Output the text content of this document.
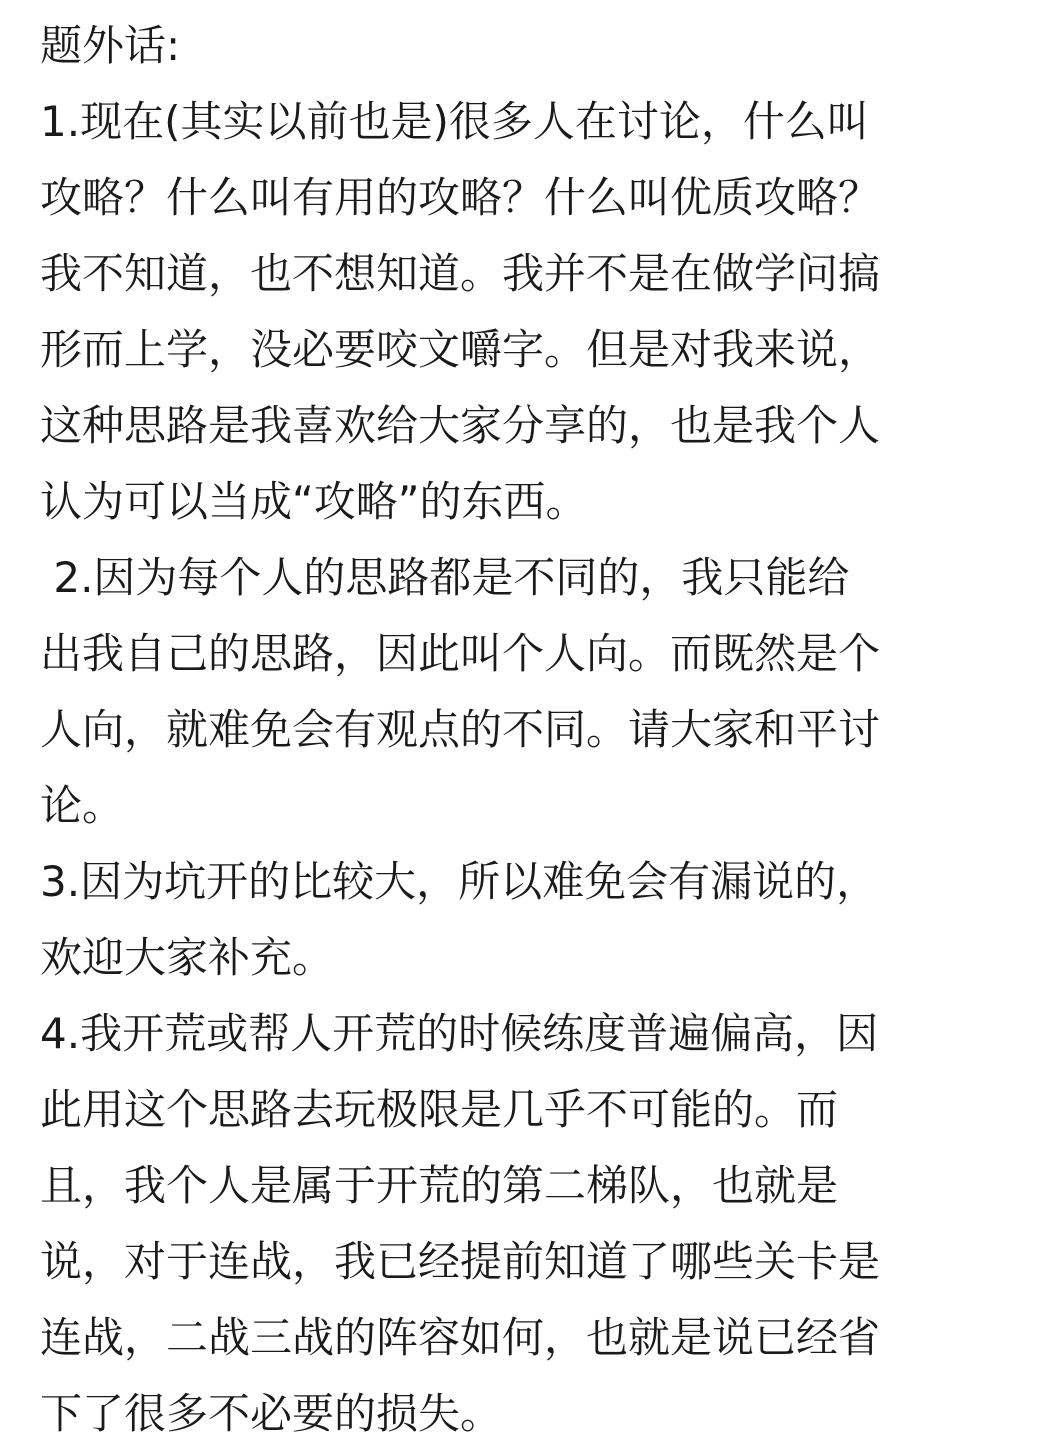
题外话:
1.现在(其实以前也是)很多人在讨论，什么叫
攻略？什么叫有用的攻略？什么叫优质攻略？
我不知道，也不想知道。我并不是在做学问搞
形而上学，没必要咬文嚼字。但是对我来说，
这种思路是我喜欢给大家分享的，也是我个人
认为可以当成“攻略”的东西。
2.因为每个人的思路都是不同的，我只能给
出我自己的思路，因此叫个人向。而既然是个
人向，就难免会有观点的不同。请大家和平讨
论。
3.因为坑开的比较大，所以难免会有漏说的，
欢迎大家补充。
4.我开荒或帮人开荒的时候练度普遍偏高，因
此用这个思路去玩极限是几乎不可能的。而
且，我个人是属于开荒的第二梯队，也就是
说，对于连战，我已经提前知道了哪些关卡是
连战，二战三战的阵容如何，也就是说已经省
下了很多不必要的损失。
